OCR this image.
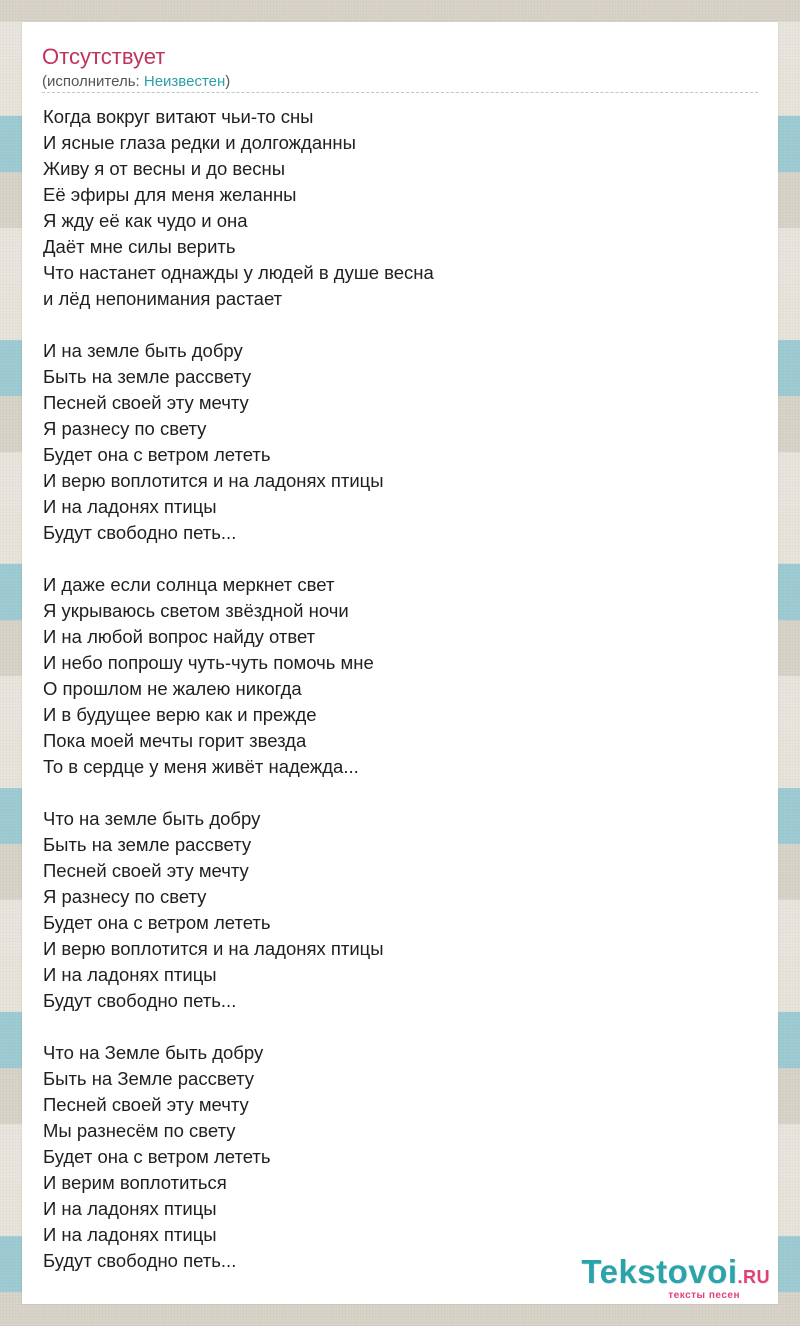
Отсутствует
(исполнитель: Неизвестен)
Когда вокруг витают чьи-то сны
И ясные глаза редки и долгожданны
Живу я от весны и до весны
Её эфиры для меня желанны
Я жду её как чудо и она
Даёт мне силы верить
Что настанет однажды у людей в душе весна
и лёд непонимания растает
И на земле быть добру
Быть на земле рассвету
Песней своей эту мечту
Я разнесу по свету
Будет она с ветром лететь
И верю воплотится и на ладонях птицы
И на ладонях птицы
Будут свободно петь...
И даже если солнца меркнет свет
Я укрываюсь светом звёздной ночи
И на любой вопрос найду ответ
И небо попрошу чуть-чуть помочь мне
О прошлом не жалею никогда
И в будущее верю как и прежде
Пока моей мечты горит звезда
То в сердце у меня живёт надежда...
Что на земле быть добру
Быть на земле рассвету
Песней своей эту мечту
Я разнесу по свету
Будет она с ветром лететь
И верю воплотится и на ладонях птицы
И на ладонях птицы
Будут свободно петь...
Что на Земле быть добру
Быть на Земле рассвету
Песней своей эту мечту
Мы разнесём по свету
Будет она с ветром лететь
И верим воплотиться
И на ладонях птицы
И на ладонях птицы
Будут свободно петь...	Tekstovoi.RU
тексты песен
